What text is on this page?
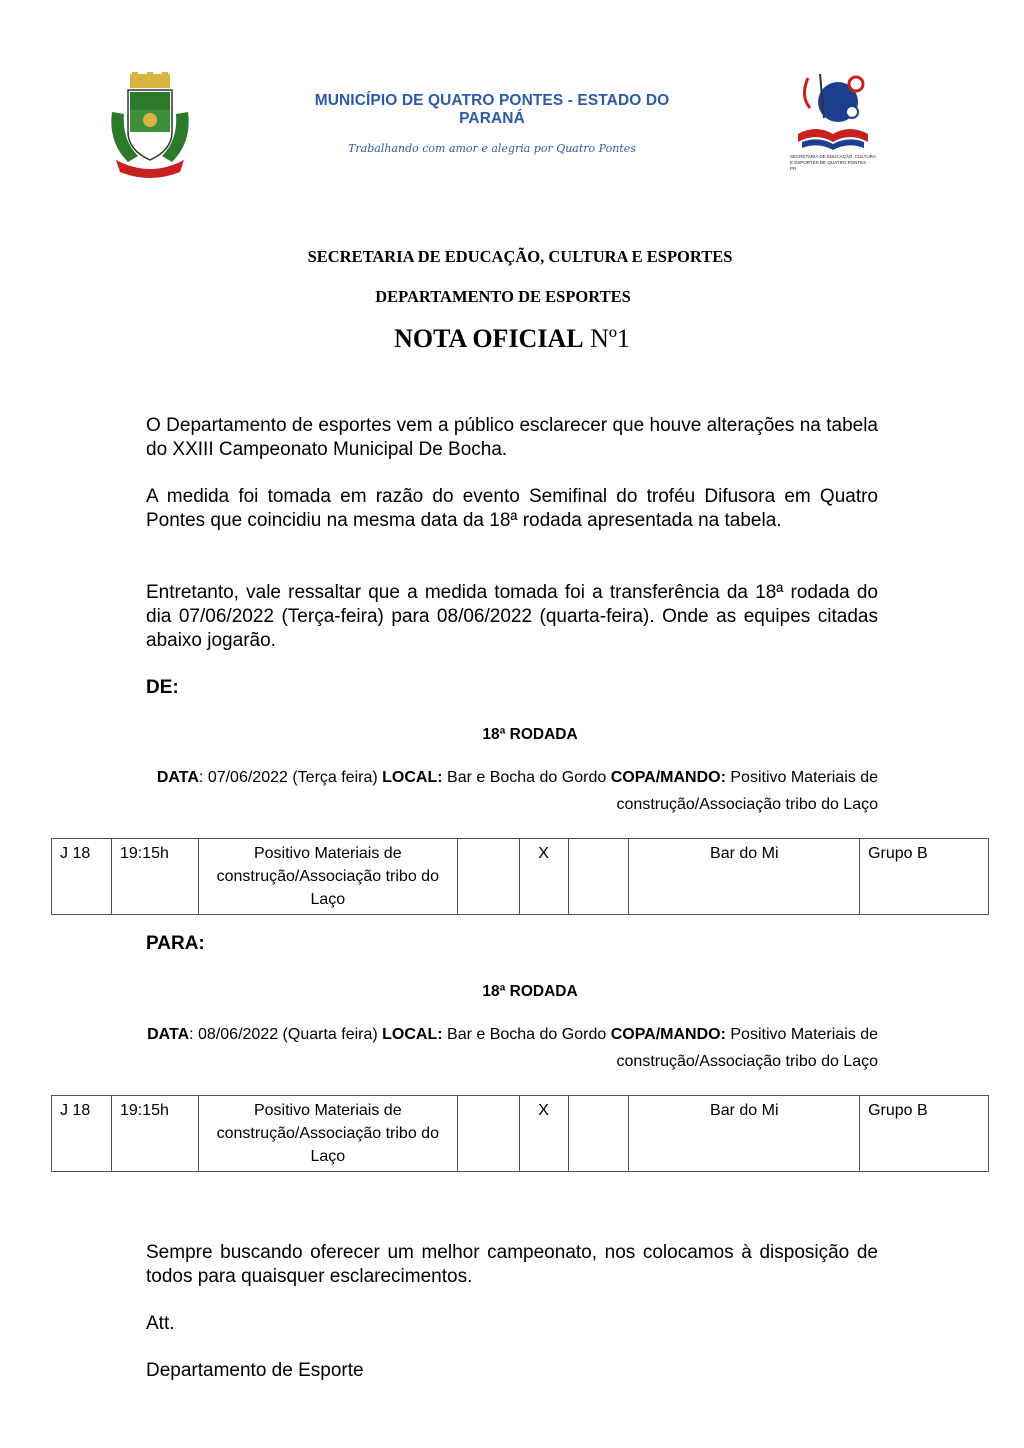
MUNICÍPIO DE QUATRO PONTES - ESTADO DO PARANÁ
Trabalhando com amor e alegria por Quatro Pontes
SECRETARIA DE EDUCAÇÃO, CULTURA E ESPORTES DE QUATRO PONTES - PR
SECRETARIA DE EDUCAÇÃO, CULTURA E ESPORTES
DEPARTAMENTO DE ESPORTES
NOTA OFICIAL Nº1
O Departamento de esportes vem a público esclarecer que houve alterações na tabela do XXIII Campeonato Municipal De Bocha.
A medida foi tomada em razão do evento Semifinal do troféu Difusora em Quatro Pontes que coincidiu na mesma data da 18ª rodada apresentada na tabela.
Entretanto, vale ressaltar que a medida tomada foi a transferência da 18ª rodada do dia 07/06/2022 (Terça-feira) para 08/06/2022 (quarta-feira). Onde as equipes citadas abaixo jogarão.
DE:
18ª RODADA
DATA: 07/06/2022 (Terça feira) LOCAL: Bar e Bocha do Gordo COPA/MANDO: Positivo Materiais de construção/Associação tribo do Laço
J 18	19:15h	Positivo Materiais de construção/Associação tribo do Laço		X		Bar do Mi	Grupo B
PARA:
18ª RODADA
DATA: 08/06/2022 (Quarta feira) LOCAL: Bar e Bocha do Gordo COPA/MANDO: Positivo Materiais de construção/Associação tribo do Laço
J 18	19:15h	Positivo Materiais de construção/Associação tribo do Laço		X		Bar do Mi	Grupo B
Sempre buscando oferecer um melhor campeonato, nos colocamos à disposição de todos para quaisquer esclarecimentos.
Att.
Departamento de Esporte
